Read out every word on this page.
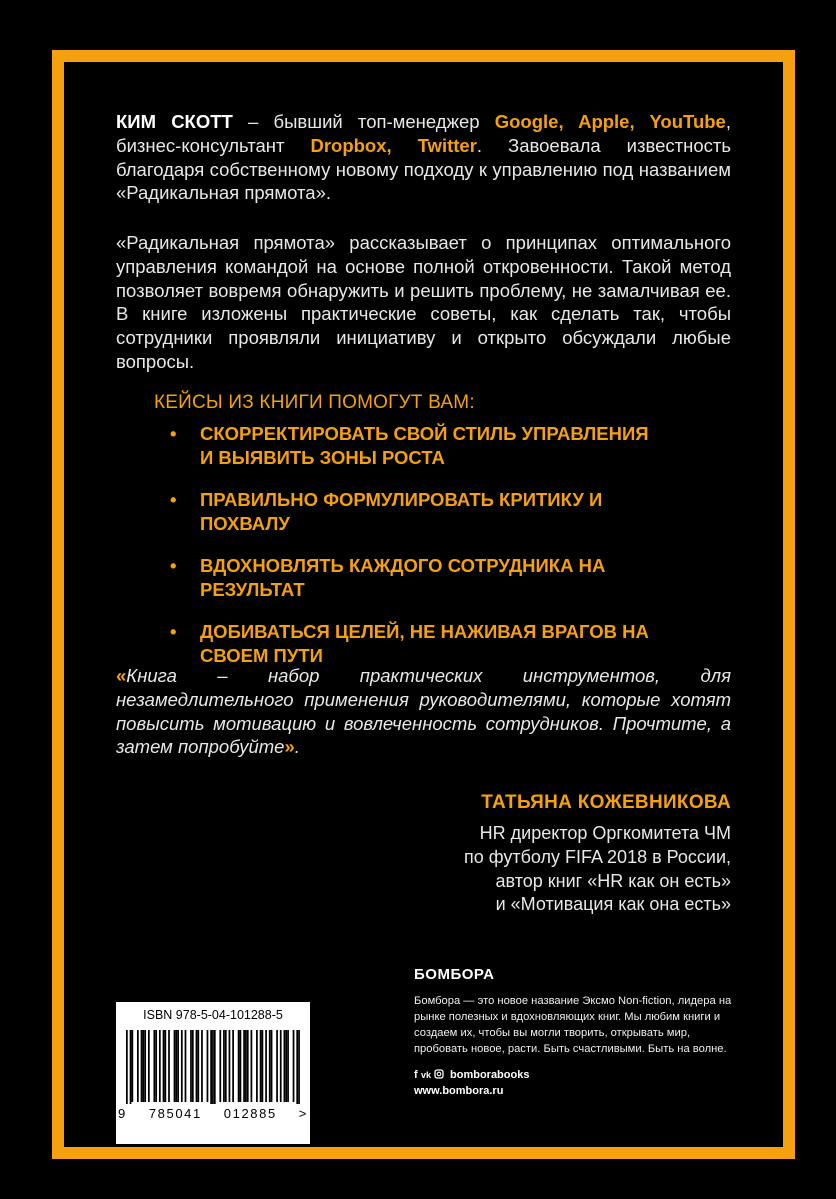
КИМ СКОТТ – бывший топ-менеджер Google, Apple, YouTube, бизнес-консультант Dropbox, Twitter. Завоевала известность благодаря собственному новому подходу к управлению под названием «Радикальная прямота».

«Радикальная прямота» рассказывает о принципах оптимального управления командой на основе полной откровенности. Такой метод позволяет вовремя обнаружить и решить проблему, не замалчивая ее. В книге изложены практические советы, как сделать так, чтобы сотрудники проявляли инициативу и открыто обсуждали любые вопросы.

КЕЙСЫ ИЗ КНИГИ ПОМОГУТ ВАМ:
• СКОРРЕКТИРОВАТЬ СВОЙ СТИЛЬ УПРАВЛЕНИЯ И ВЫЯВИТЬ ЗОНЫ РОСТА
• ПРАВИЛЬНО ФОРМУЛИРОВАТЬ КРИТИКУ И ПОХВАЛУ
• ВДОХНОВЛЯТЬ КАЖДОГО СОТРУДНИКА НА РЕЗУЛЬТАТ
• ДОБИВАТЬСЯ ЦЕЛЕЙ, НЕ НАЖИВАЯ ВРАГОВ НА СВОЕМ ПУТИ

«Книга – набор практических инструментов, для незамедлительного применения руководителями, которые хотят повысить мотивацию и вовлеченность сотрудников. Прочтите, а затем попробуйте».

ТАТЬЯНА КОЖЕВНИКОВА
HR директор Оргкомитета ЧМ
по футболу FIFA 2018 в России,
автор книг «HR как он есть»
и «Мотивация как она есть»
ISBN 978-5-04-101288-5
9 785041 012885 >
БОМБОРА
Бомбора — это новое название Эксмо Non-fiction, лидера на рынке полезных и вдохновляющих книг. Мы любим книги и создаем их, чтобы вы могли творить, открывать мир, пробовать новое, расти. Быть счастливыми. Быть на волне.
f vk bomborabooks
www.bombora.ru
